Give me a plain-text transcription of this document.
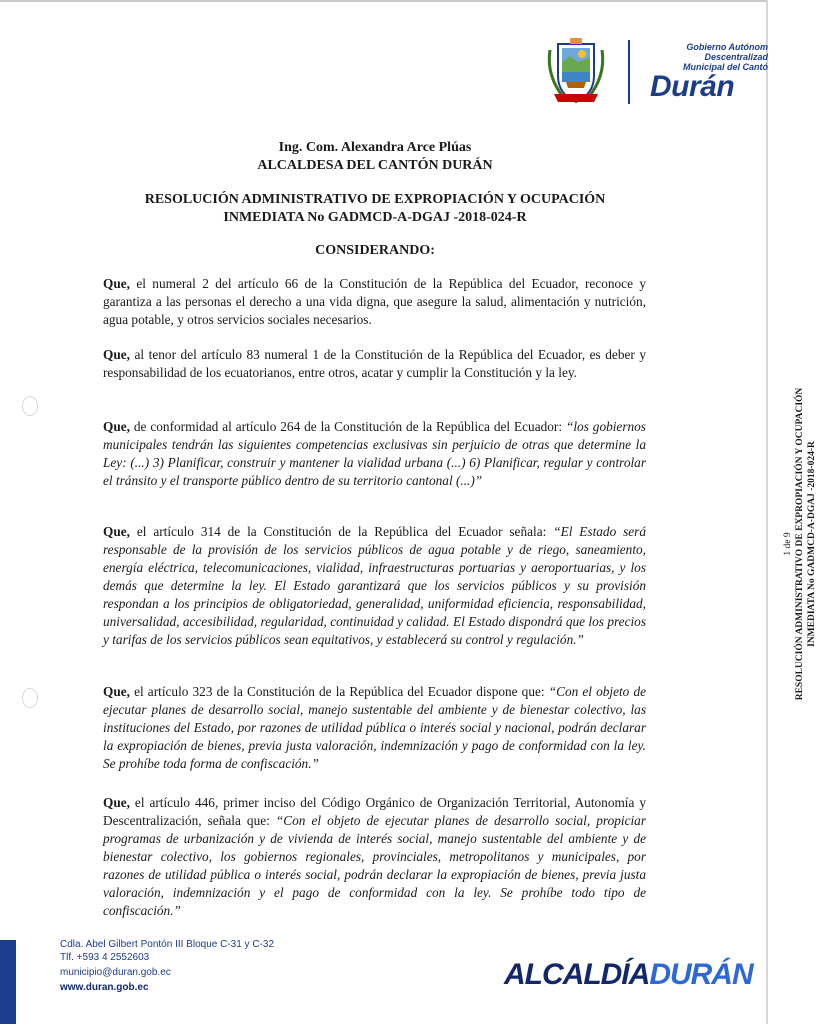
Gobierno Autónom
Descentralizad
Municipal del Cantó
Durán
Ing. Com. Alexandra Arce Plúas
ALCALDESA DEL CANTÓN DURÁN
RESOLUCIÓN ADMINISTRATIVO DE EXPROPIACIÓN Y OCUPACIÓN
INMEDIATA No GADMCD-A-DGAJ -2018-024-R
CONSIDERANDO:

Que, el numeral 2 del artículo 66 de la Constitución de la República del Ecuador, reconoce y garantiza a las personas el derecho a una vida digna, que asegure la salud, alimentación y nutrición, agua potable, y otros servicios sociales necesarios.

Que, al tenor del artículo 83 numeral 1 de la Constitución de la República del Ecuador, es deber y responsabilidad de los ecuatorianos, entre otros, acatar y cumplir la Constitución y la ley.

Que, de conformidad al artículo 264 de la Constitución de la República del Ecuador: “los gobiernos municipales tendrán las siguientes competencias exclusivas sin perjuicio de otras que determine la Ley: (...) 3) Planificar, construir y mantener la vialidad urbana (...) 6) Planificar, regular y controlar el tránsito y el transporte público dentro de su territorio cantonal (...)”

Que, el artículo 314 de la Constitución de la República del Ecuador señala: “El Estado será responsable de la provisión de los servicios públicos de agua potable y de riego, saneamiento, energía eléctrica, telecomunicaciones, vialidad, infraestructuras portuarias y aeroportuarias, y los demás que determine la ley. El Estado garantizará que los servicios públicos y su provisión respondan a los principios de obligatoriedad, generalidad, uniformidad eficiencia, responsabilidad, universalidad, accesibilidad, regularidad, continuidad y calidad. El Estado dispondrá que los precios y tarifas de los servicios públicos sean equitativos, y establecerá su control y regulación.”

Que, el artículo 323 de la Constitución de la República del Ecuador dispone que: “Con el objeto de ejecutar planes de desarrollo social, manejo sustentable del ambiente y de bienestar colectivo, las instituciones del Estado, por razones de utilidad pública o interés social y nacional, podrán declarar la expropiación de bienes, previa justa valoración, indemnización y pago de conformidad con la ley. Se prohíbe toda forma de confiscación.”

Que, el artículo 446, primer inciso del Código Orgánico de Organización Territorial, Autonomía y Descentralización, señala que: “Con el objeto de ejecutar planes de desarrollo social, propiciar programas de urbanización y de vivienda de interés social, manejo sustentable del ambiente y de bienestar colectivo, los gobiernos regionales, provinciales, metropolitanos y municipales, por razones de utilidad pública o interés social, podrán declarar la expropiación de bienes, previa justa valoración, indemnización y el pago de conformidad con la ley. Se prohíbe todo tipo de confiscación.”

1 de 9 RESOLUCIÓN ADMINISTRATIVO DE EXPROPIACIÓN Y OCUPACIÓN INMEDIATA No GADMCD-A-DGAJ -2018-024-R
Cdla. Abel Gilbert Pontón III Bloque C-31 y C-32
Tlf. +593 4 2552603
municipio@duran.gob.ec
www.duran.gob.ec	ALCALDÍADURÁN
